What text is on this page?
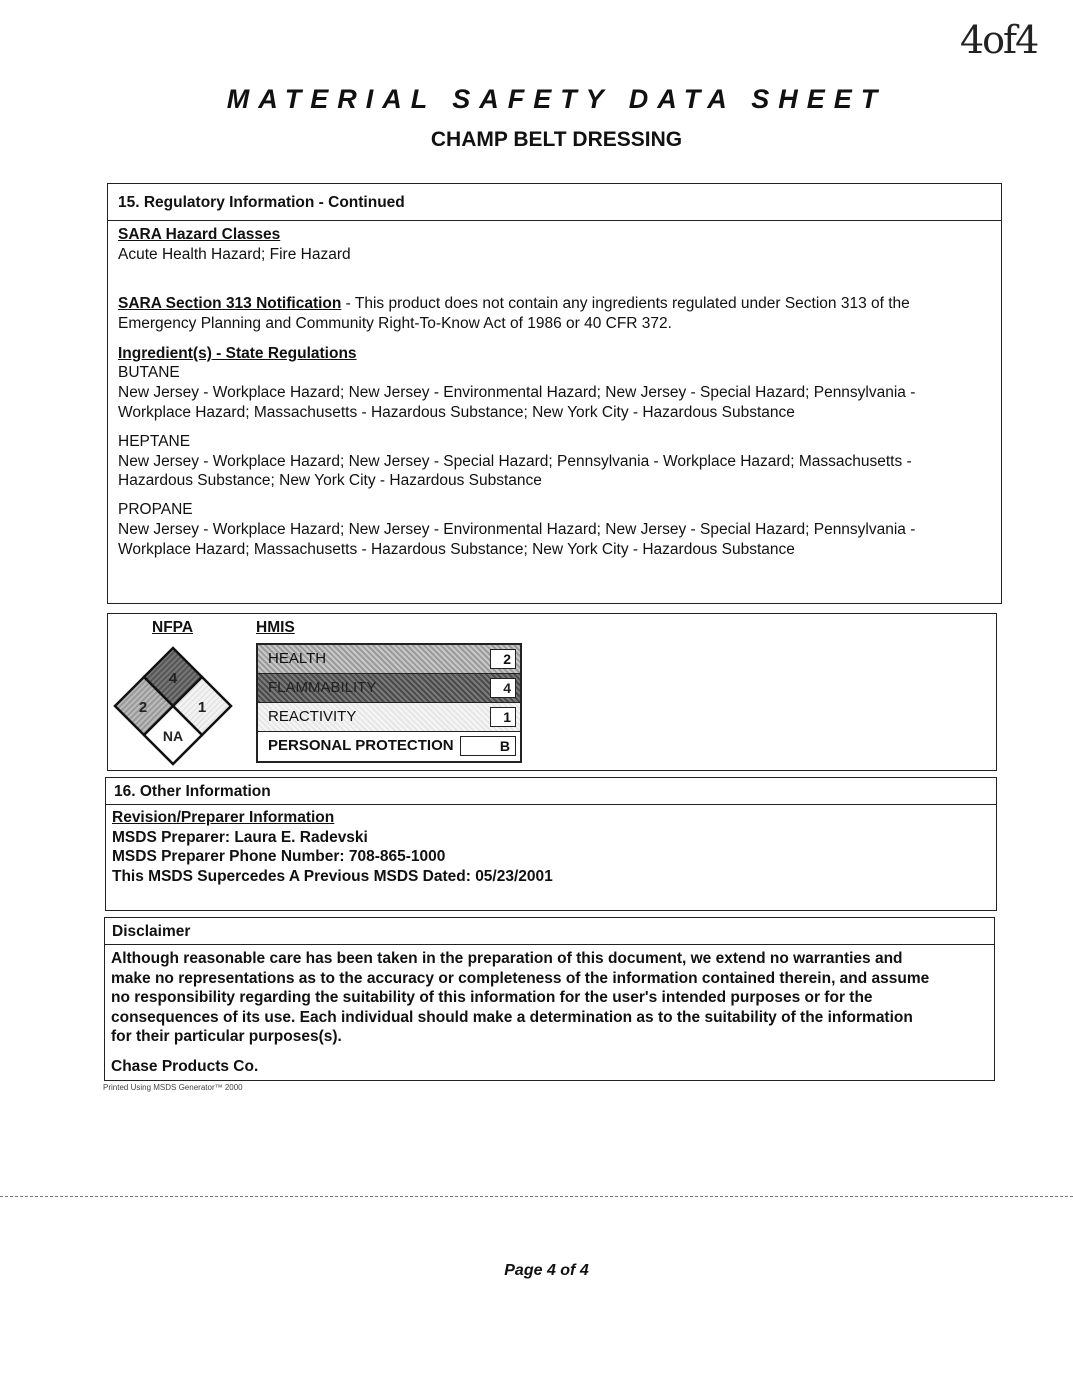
4of4
MATERIAL SAFETY DATA SHEET
CHAMP BELT DRESSING
15. Regulatory Information - Continued
SARA Hazard Classes
Acute Health Hazard; Fire Hazard
SARA Section 313 Notification - This product does not contain any ingredients regulated under Section 313 of the
Emergency Planning and Community Right-To-Know Act of 1986 or 40 CFR 372.
Ingredient(s) - State Regulations
BUTANE
New Jersey - Workplace Hazard; New Jersey - Environmental Hazard; New Jersey - Special Hazard; Pennsylvania -
Workplace Hazard; Massachusetts - Hazardous Substance; New York City - Hazardous Substance
HEPTANE
New Jersey - Workplace Hazard; New Jersey - Special Hazard; Pennsylvania - Workplace Hazard; Massachusetts -
Hazardous Substance; New York City - Hazardous Substance
PROPANE
New Jersey - Workplace Hazard; New Jersey - Environmental Hazard; New Jersey - Special Hazard; Pennsylvania -
Workplace Hazard; Massachusetts - Hazardous Substance; New York City - Hazardous Substance
NFPA	HMIS
4
2	1
NA
HEALTH	2
FLAMMABILITY	4
REACTIVITY	1
PERSONAL PROTECTION	B
16. Other Information
Revision/Preparer Information
MSDS Preparer: Laura E. Radevski
MSDS Preparer Phone Number: 708-865-1000
This MSDS Supercedes A Previous MSDS Dated: 05/23/2001
Disclaimer
Although reasonable care has been taken in the preparation of this document, we extend no warranties and
make no representations as to the accuracy or completeness of the information contained therein, and assume
no responsibility regarding the suitability of this information for the user's intended purposes or for the
consequences of its use. Each individual should make a determination as to the suitability of the information
for their particular purposes(s).
Chase Products Co.
Printed Using MSDS Generator™ 2000
Page 4 of 4
